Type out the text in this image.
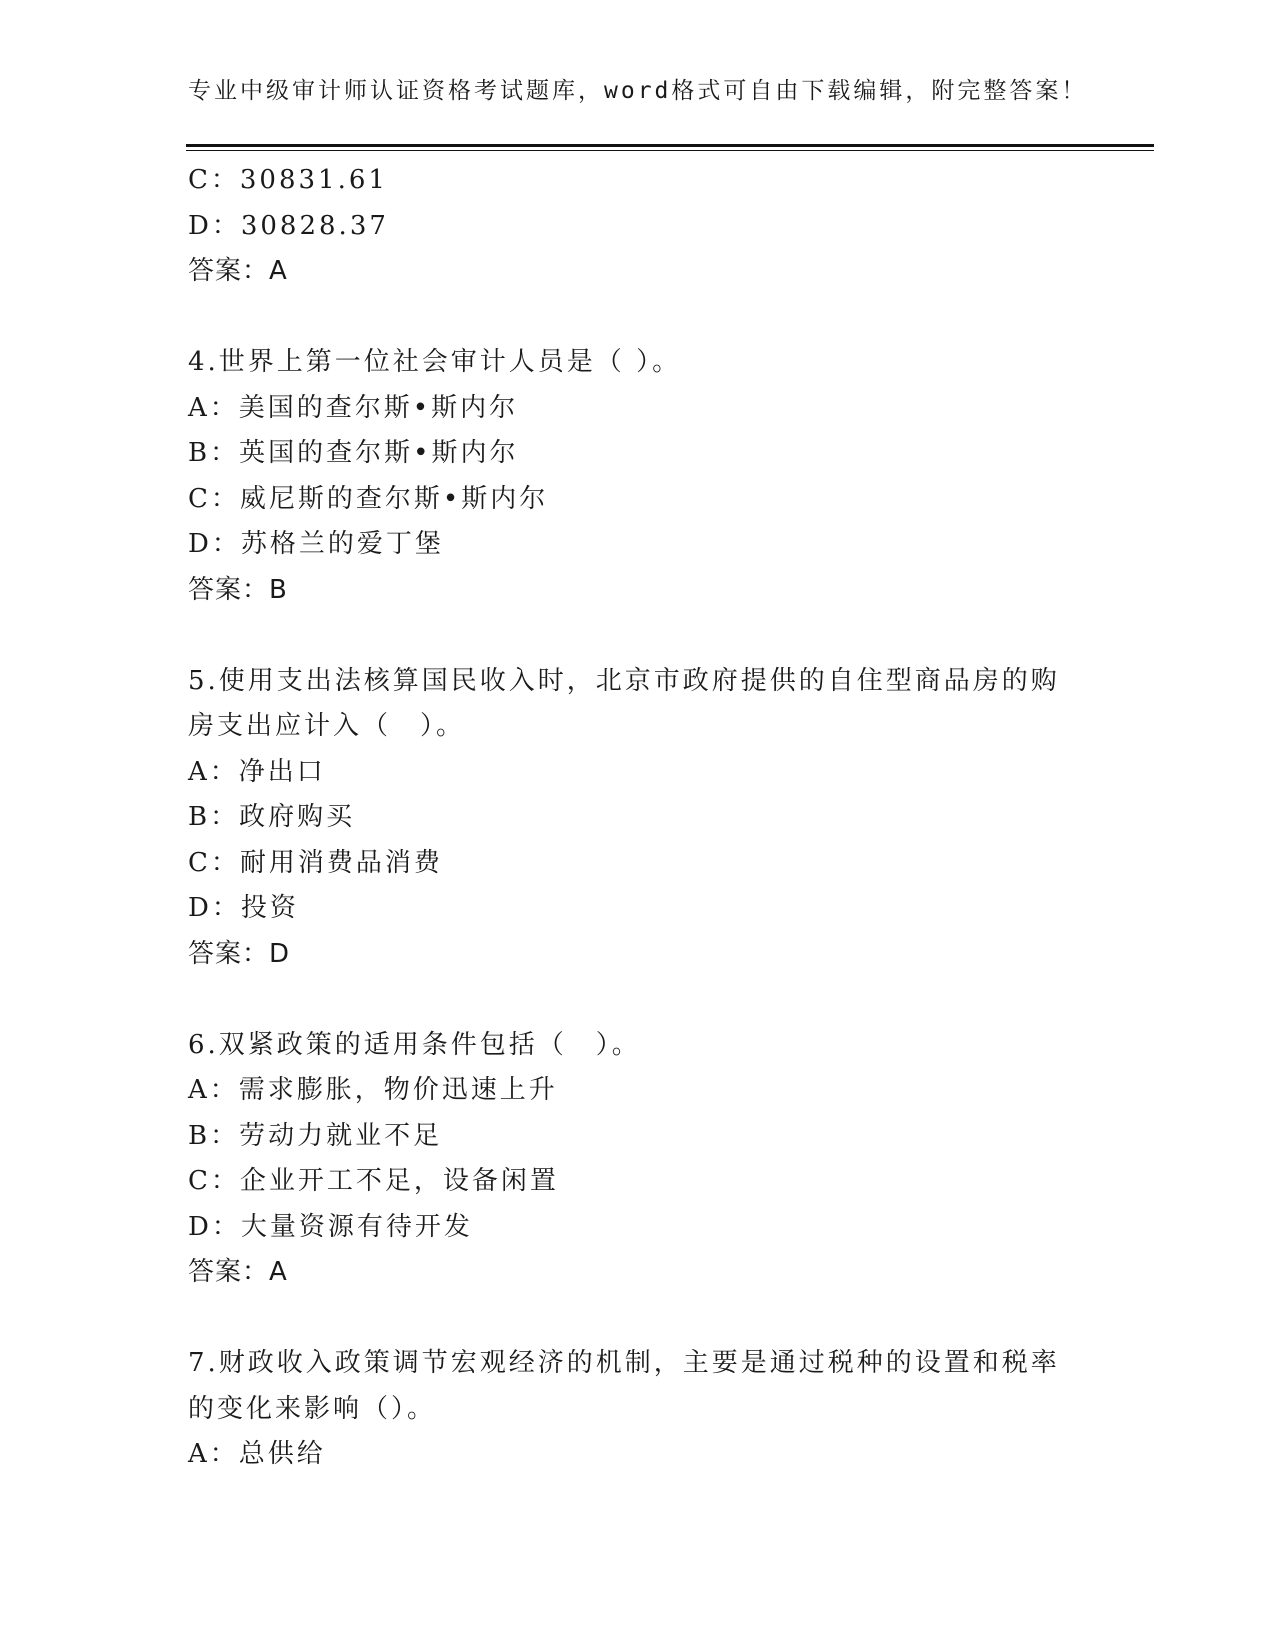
专业中级审计师认证资格考试题库，word格式可自由下载编辑，附完整答案！
C：30831.61
D：30828.37
答案：A
4.世界上第一位社会审计人员是（ ）。
A：美国的查尔斯•斯内尔
B：英国的查尔斯•斯内尔
C：威尼斯的查尔斯•斯内尔
D：苏格兰的爱丁堡
答案：B
5.使用支出法核算国民收入时，北京市政府提供的自住型商品房的购
房支出应计入（　）。
A：净出口
B：政府购买
C：耐用消费品消费
D：投资
答案：D
6.双紧政策的适用条件包括（　）。
A：需求膨胀，物价迅速上升
B：劳动力就业不足
C：企业开工不足，设备闲置
D：大量资源有待开发
答案：A
7.财政收入政策调节宏观经济的机制，主要是通过税种的设置和税率
的变化来影响（）。
A：总供给
